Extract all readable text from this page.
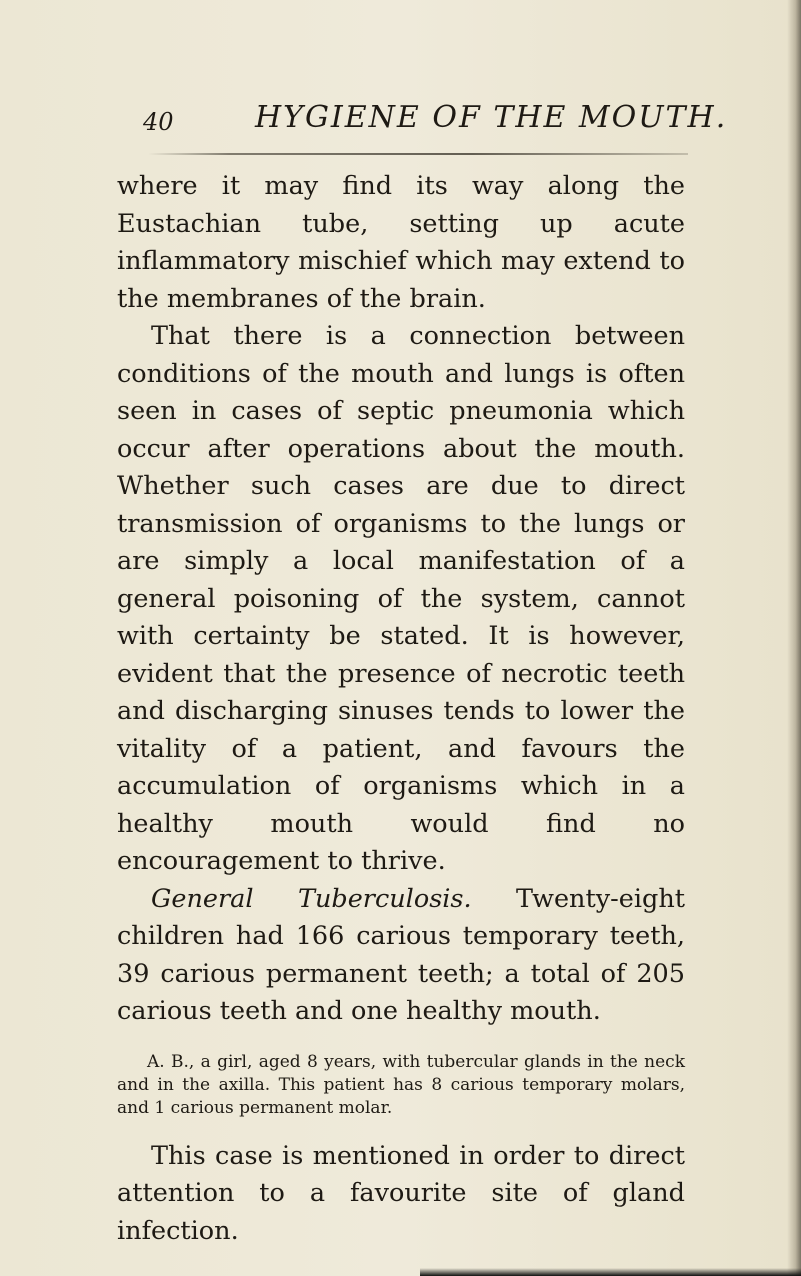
40	HYGIENE OF THE MOUTH.

where it may find its way along the Eustachian tube, setting up acute inflammatory mischief which may extend to the membranes of the brain.

That there is a connection between conditions of the mouth and lungs is often seen in cases of septic pneumonia which occur after operations about the mouth. Whether such cases are due to direct transmission of organisms to the lungs or are simply a local manifestation of a general poisoning of the system, cannot with certainty be stated. It is however, evident that the presence of necrotic teeth and discharging sinuses tends to lower the vitality of a patient, and favours the accumulation of organisms which in a healthy mouth would find no encouragement to thrive.

General Tuberculosis. Twenty-eight children had 166 carious temporary teeth, 39 carious permanent teeth; a total of 205 carious teeth and one healthy mouth.

A. B., a girl, aged 8 years, with tubercular glands in the neck and in the axilla. This patient has 8 carious temporary molars, and 1 carious permanent molar.

This case is mentioned in order to direct attention to a favourite site of gland infection.
